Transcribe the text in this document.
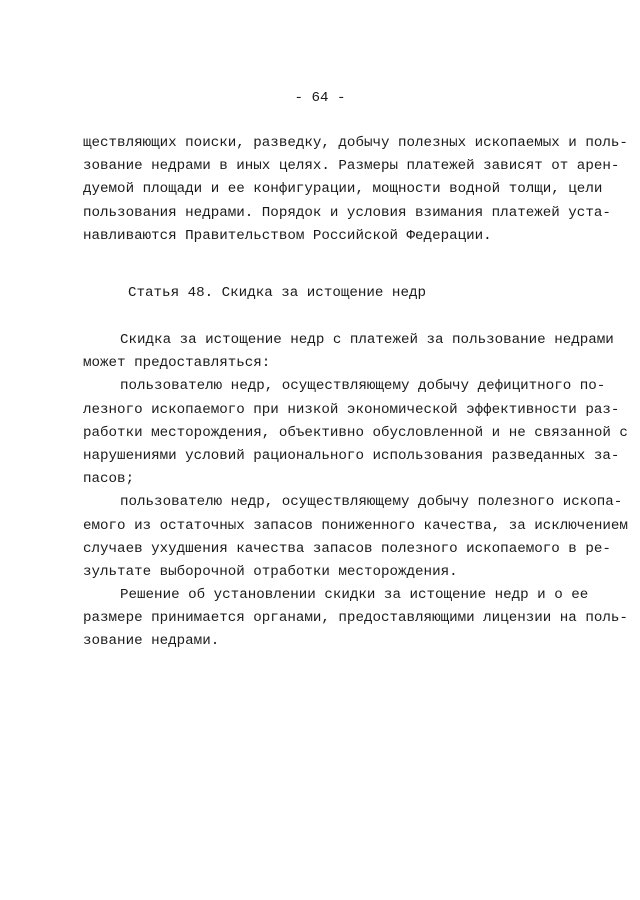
- 64 -
ществляющих поиски, разведку, добычу полезных ископаемых и поль-
зование недрами в иных целях. Размеры платежей зависят от арен-
дуемой площади и ее конфигурации, мощности водной толщи, цели
пользования недрами. Порядок и условия взимания платежей уста-
навливаются Правительством Российской Федерации.
Статья 48. Скидка за истощение недр
Скидка за истощение недр с платежей за пользование недрами
может предоставляться:
пользователю недр, осуществляющему добычу дефицитного по-
лезного ископаемого при низкой экономической эффективности раз-
работки месторождения, объективно обусловленной и не связанной с
нарушениями условий рационального использования разведанных за-
пасов;
пользователю недр, осуществляющему добычу полезного ископа-
емого из остаточных запасов пониженного качества, за исключением
случаев ухудшения качества запасов полезного ископаемого в ре-
зультате выборочной отработки месторождения.
Решение об установлении скидки за истощение недр и о ее
размере принимается органами, предоставляющими лицензии на поль-
зование недрами.
